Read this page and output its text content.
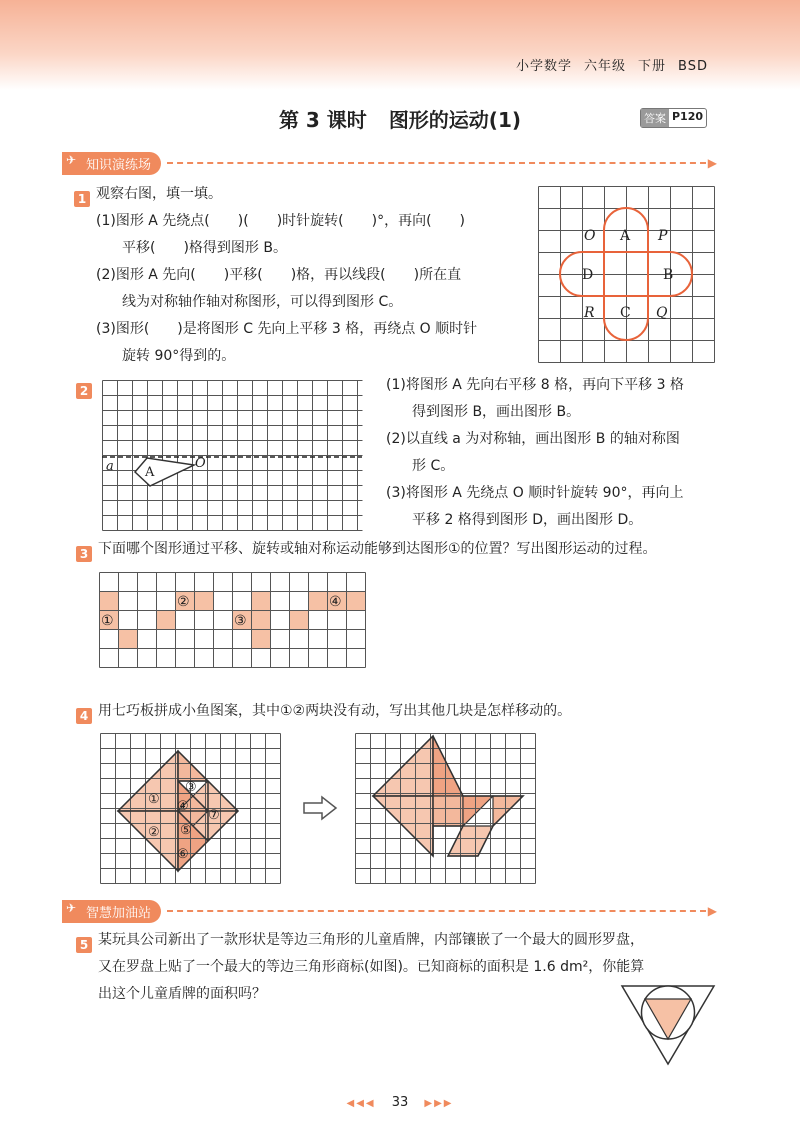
小学数学 六年级 下册 BSD
第 3 课时 图形的运动(1)	答案 P120
✈ 知识演练场	▶
1 观察右图，填一填。
(1)图形 A 先绕点(　　)(　　)时针旋转(　　)°，再向(　　)
平移(　　)格得到图形 B。
(2)图形 A 先向(　　)平移(　　)格，再以线段(　　)所在直
线为对称轴作轴对称图形，可以得到图形 C。
(3)图形(　　)是将图形 C 先向上平移 3 格，再绕点 O 顺时针
旋转 90°得到的。
A
B
C
D
O	P
Q
R
2
a A
O
(1)将图形 A 先向右平移 8 格，再向下平移 3 格
得到图形 B，画出图形 B。
(2)以直线 a 为对称轴，画出图形 B 的轴对称图
形 C。
(3)将图形 A 先绕点 O 顺时针旋转 90°，再向上
平移 2 格得到图形 D，画出图形 D。
3 下面哪个图形通过平移、旋转或轴对称运动能够到达图形①的位置？写出图形运动的过程。
①
②
③
④
4 用七巧板拼成小鱼图案，其中①②两块没有动，写出其他几块是怎样移动的。
①
②
③
④
⑤
⑥
⑦
✈ 智慧加油站	▶
5 某玩具公司新出了一款形状是等边三角形的儿童盾牌，内部镶嵌了一个最大的圆形罗盘，
又在罗盘上贴了一个最大的等边三角形商标(如图)。已知商标的面积是 1.6 dm²，你能算
出这个儿童盾牌的面积吗？
◀◀◀ 33 ▶▶▶
